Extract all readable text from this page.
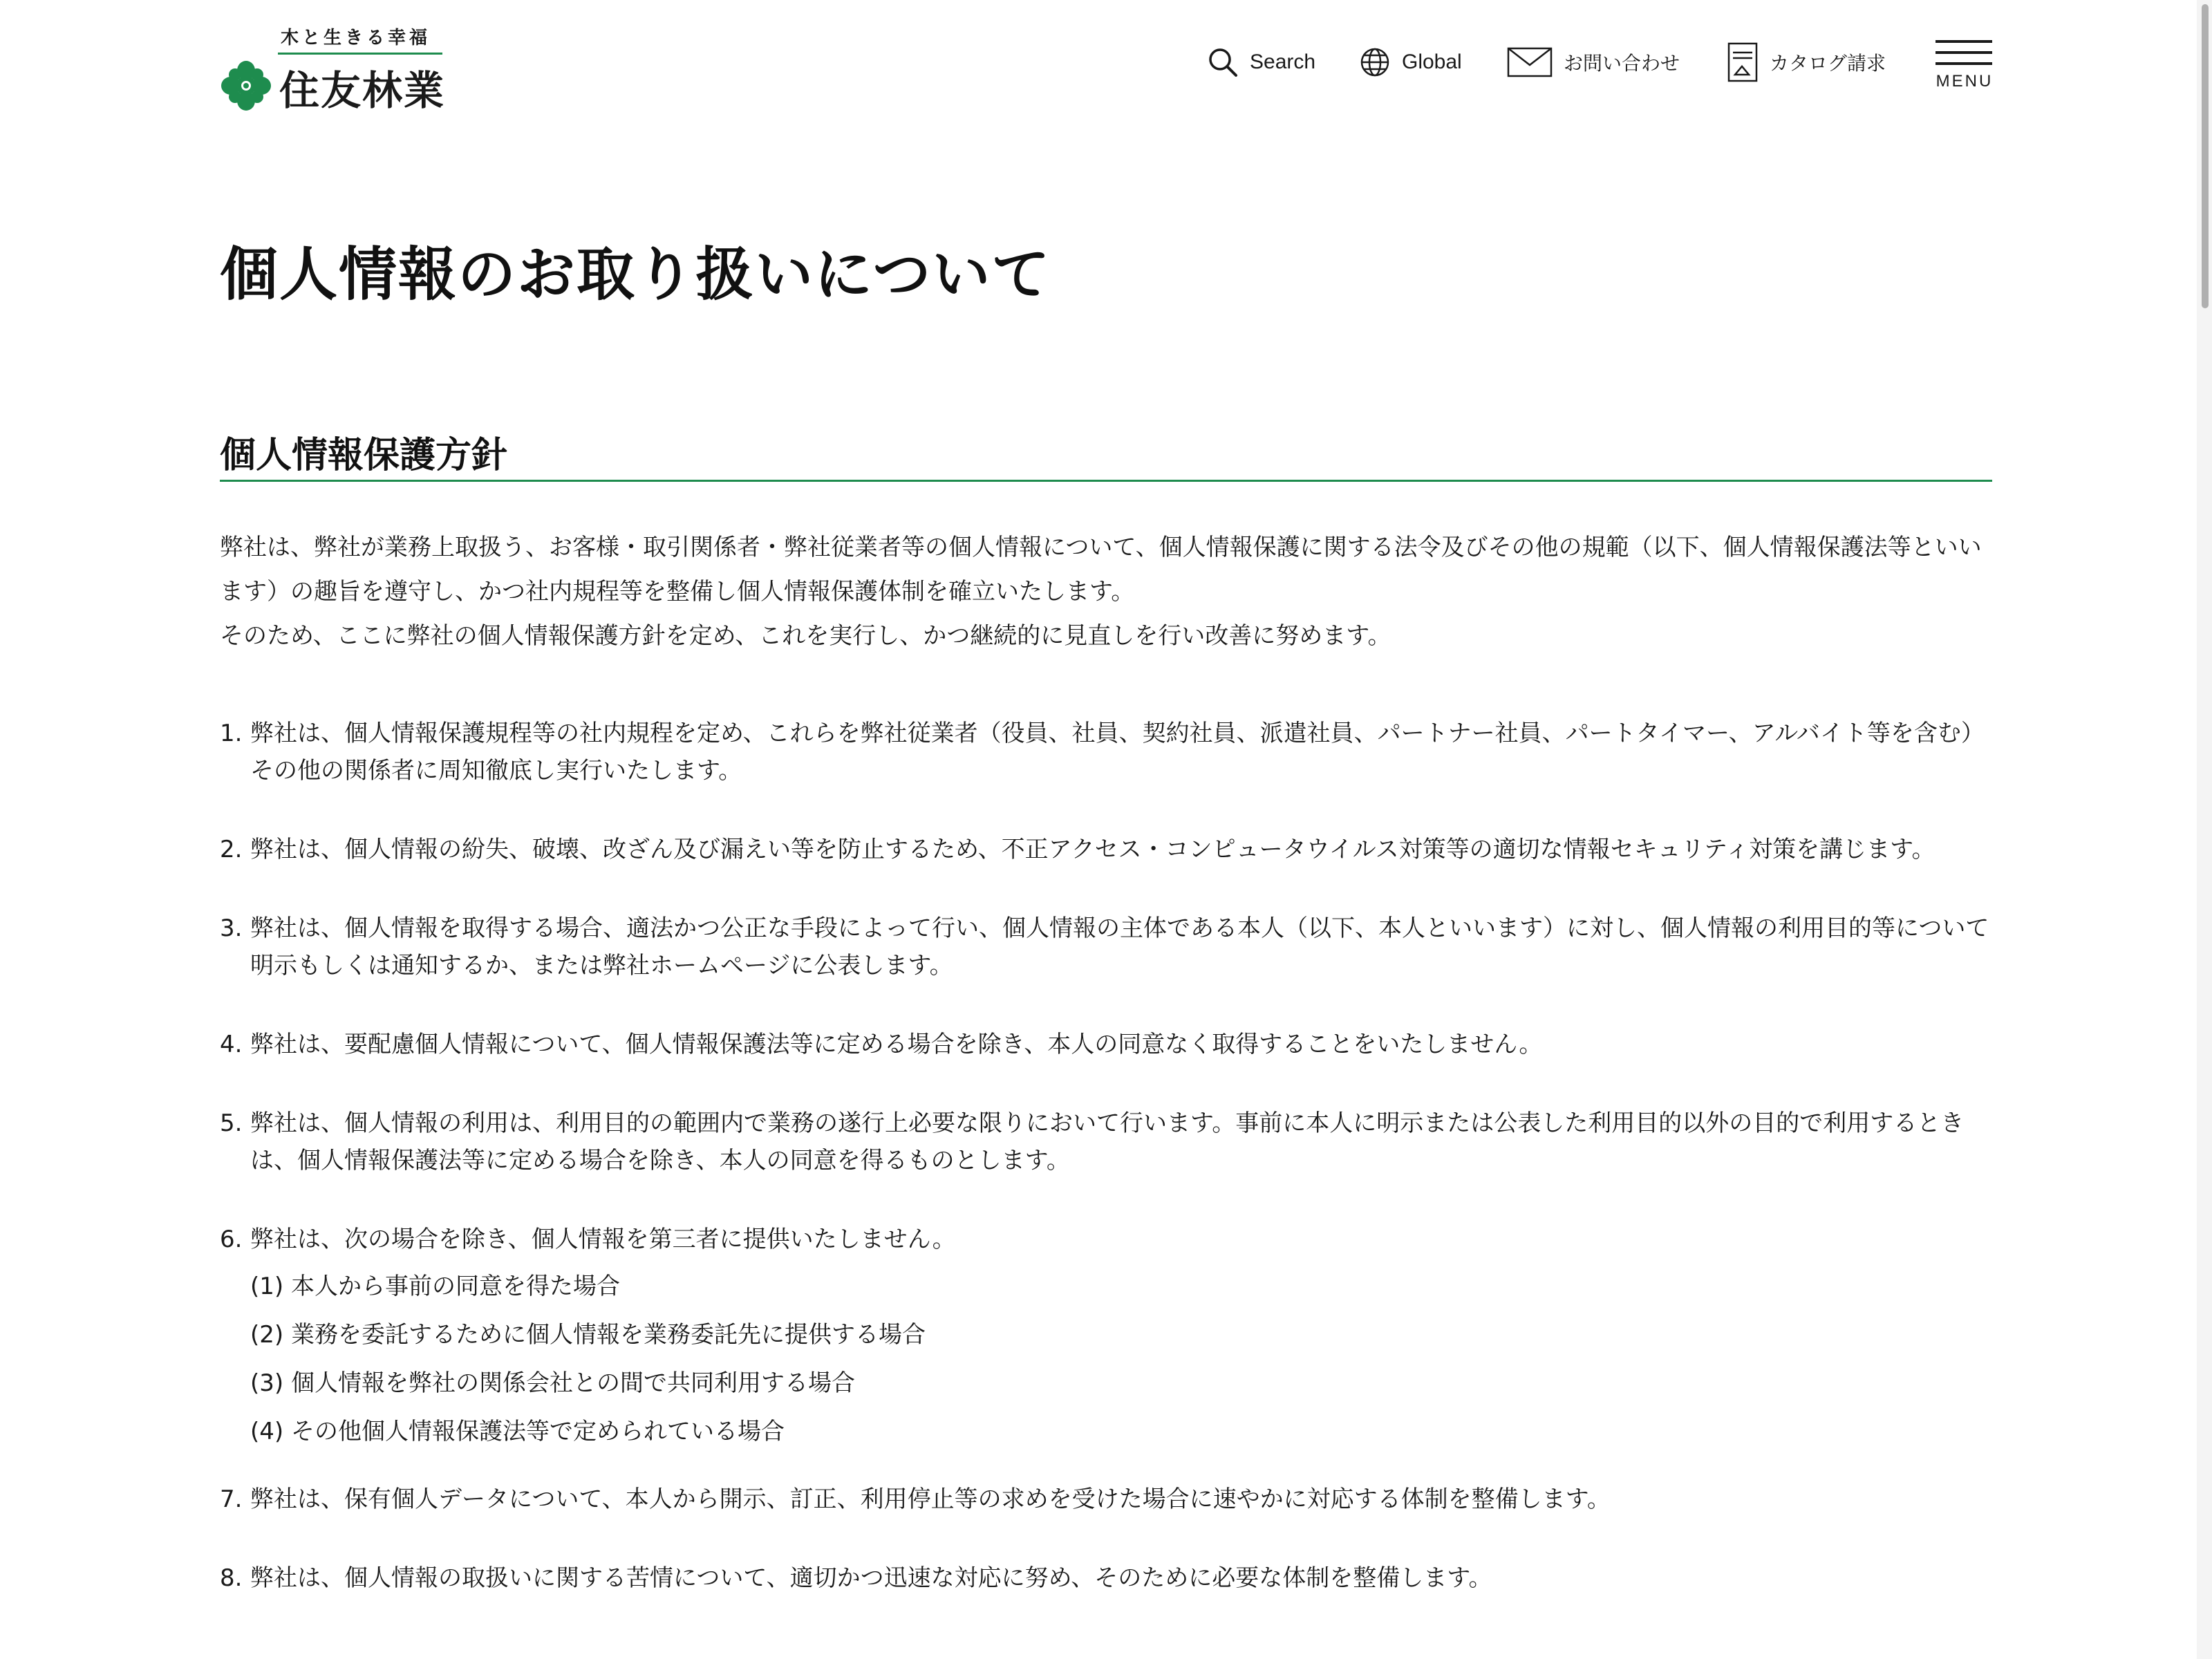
木と生きる幸福
住友林業
Search	Global	お問い合わせ	カタログ請求
MENU
個人情報のお取り扱いについて
個人情報保護方針

弊社は、弊社が業務上取扱う、お客様・取引関係者・弊社従業者等の個人情報について、個人情報保護に関する法令及びその他の規範（以下、個人情報保護法等といいます）の趣旨を遵守し、かつ社内規程等を整備し個人情報保護体制を確立いたします。

そのため、ここに弊社の個人情報保護方針を定め、これを実行し、かつ継続的に見直しを行い改善に努めます。

1. 弊社は、個人情報保護規程等の社内規程を定め、これらを弊社従業者（役員、社員、契約社員、派遣社員、パートナー社員、パートタイマー、アルバイト等を含む）その他の関係者に周知徹底し実行いたします。
2. 弊社は、個人情報の紛失、破壊、改ざん及び漏えい等を防止するため、不正アクセス・コンピュータウイルス対策等の適切な情報セキュリティ対策を講じます。
3. 弊社は、個人情報を取得する場合、適法かつ公正な手段によって行い、個人情報の主体である本人（以下、本人といいます）に対し、個人情報の利用目的等について明示もしくは通知するか、または弊社ホームページに公表します。
4. 弊社は、要配慮個人情報について、個人情報保護法等に定める場合を除き、本人の同意なく取得することをいたしません。
5. 弊社は、個人情報の利用は、利用目的の範囲内で業務の遂行上必要な限りにおいて行います。事前に本人に明示または公表した利用目的以外の目的で利用するときは、個人情報保護法等に定める場合を除き、本人の同意を得るものとします。
6. 弊社は、次の場合を除き、個人情報を第三者に提供いたしません。
(1) 本人から事前の同意を得た場合
(2) 業務を委託するために個人情報を業務委託先に提供する場合
(3) 個人情報を弊社の関係会社との間で共同利用する場合
(4) その他個人情報保護法等で定められている場合
7. 弊社は、保有個人データについて、本人から開示、訂正、利用停止等の求めを受けた場合に速やかに対応する体制を整備します。
8. 弊社は、個人情報の取扱いに関する苦情について、適切かつ迅速な対応に努め、そのために必要な体制を整備します。
